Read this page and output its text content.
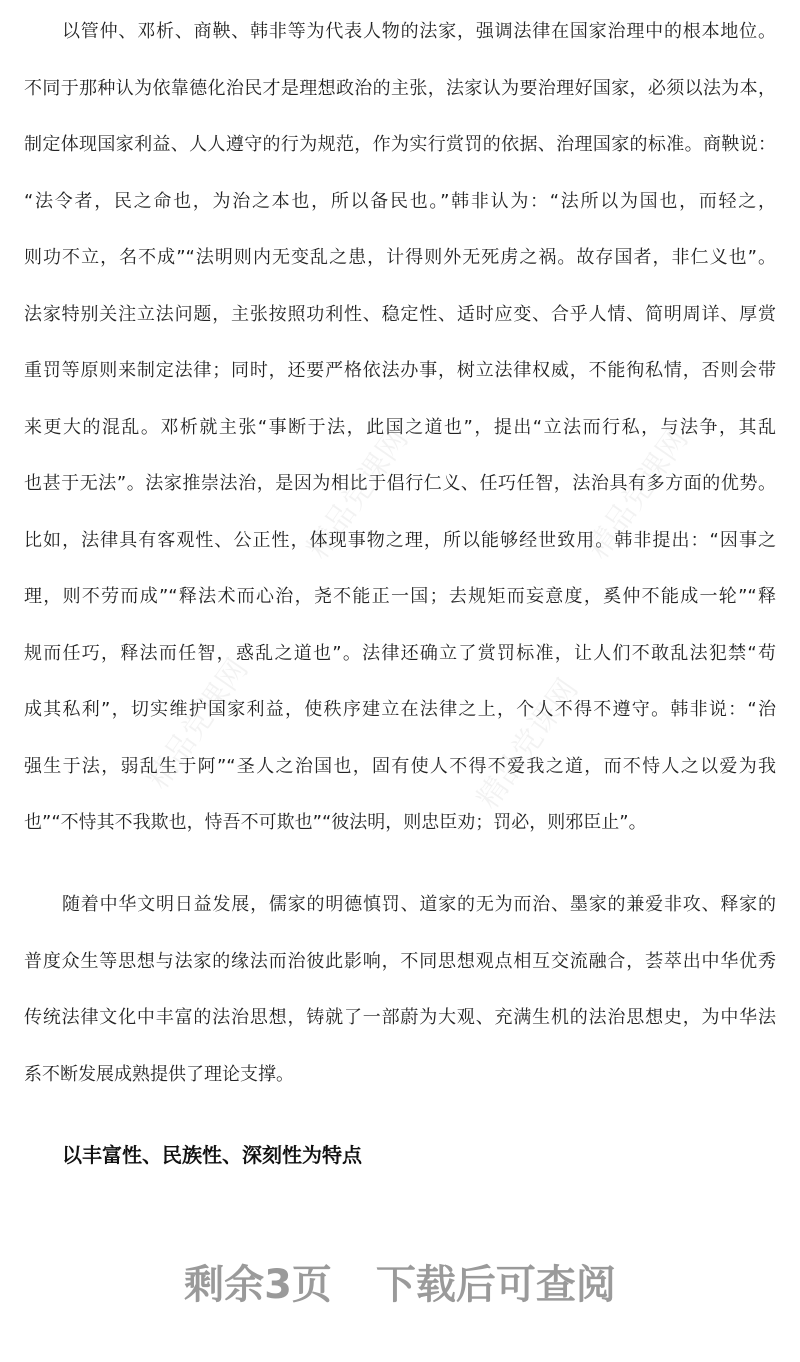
精品党课网	精品党课网
精品党课网	精品党课网
以管仲、邓析、商鞅、韩非等为代表人物的法家，强调法律在国家治理中的根本地位。
不同于那种认为依靠德化治民才是理想政治的主张，法家认为要治理好国家，必须以法为本，
制定体现国家利益、人人遵守的行为规范，作为实行赏罚的依据、治理国家的标准。商鞅说：
“法令者，民之命也，为治之本也，所以备民也。”韩非认为：“法所以为国也，而轻之，
则功不立，名不成”“法明则内无变乱之患，计得则外无死虏之祸。故存国者，非仁义也”。
法家特别关注立法问题，主张按照功利性、稳定性、适时应变、合乎人情、简明周详、厚赏
重罚等原则来制定法律；同时，还要严格依法办事，树立法律权威，不能徇私情，否则会带
来更大的混乱。邓析就主张“事断于法，此国之道也”，提出“立法而行私，与法争，其乱
也甚于无法”。法家推崇法治，是因为相比于倡行仁义、任巧任智，法治具有多方面的优势。
比如，法律具有客观性、公正性，体现事物之理，所以能够经世致用。韩非提出：“因事之
理，则不劳而成”“释法术而心治，尧不能正一国；去规矩而妄意度，奚仲不能成一轮”“释
规而任巧，释法而任智，惑乱之道也”。法律还确立了赏罚标准，让人们不敢乱法犯禁“苟
成其私利”，切实维护国家利益，使秩序建立在法律之上，个人不得不遵守。韩非说：“治
强生于法，弱乱生于阿”“圣人之治国也，固有使人不得不爱我之道，而不恃人之以爱为我
也”“不恃其不我欺也，恃吾不可欺也”“彼法明，则忠臣劝；罚必，则邪臣止”。
随着中华文明日益发展，儒家的明德慎罚、道家的无为而治、墨家的兼爱非攻、释家的
普度众生等思想与法家的缘法而治彼此影响，不同思想观点相互交流融合，荟萃出中华优秀
传统法律文化中丰富的法治思想，铸就了一部蔚为大观、充满生机的法治思想史，为中华法
系不断发展成熟提供了理论支撑。
以丰富性、民族性、深刻性为特点
剩余3页 下载后可查阅
